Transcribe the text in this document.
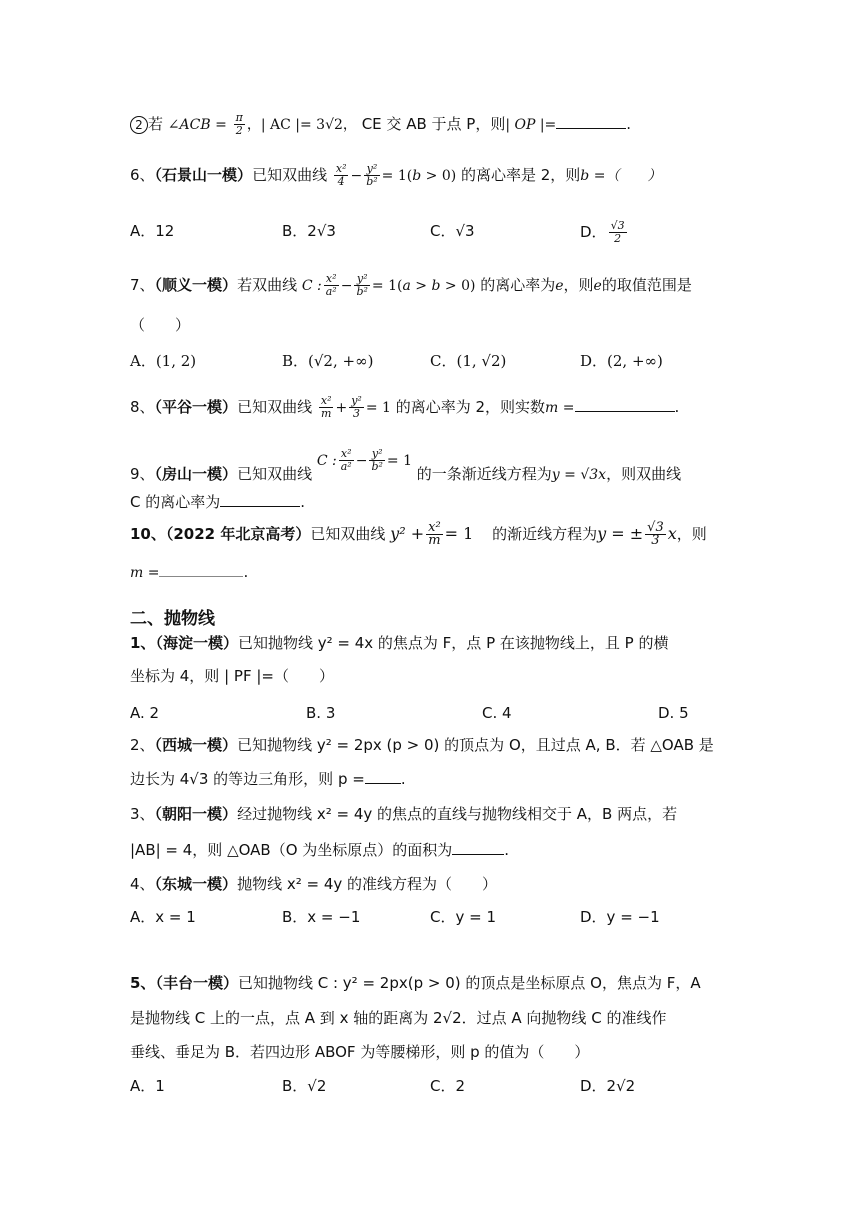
2 若 ∠ACB = $\frac{\pi}{2}$ ，| AC |= 3√2， CE 交 AB 于点 P，则| OP |=	.
6、（石景山一模）已知双曲线 $\frac{\text{x²}}{4} - \frac{\text{y²}}{\text{b²}} = 1(b > 0)$ 的离心率是 2，则b =（　　）
A．12	B．2√3	C．√3	D． $\frac{√3}{2}$
7、（顺义一模）若双曲线 C : $\frac{\text{x²}}{\text{a²}} - \frac{\text{y²}}{\text{b²}} = 1(a > b > 0)$ 的离心率为e，则e的取值范围是
（　　）
A．(1, 2)	B．(√2, +∞)	C．(1, √2)	D．(2, +∞)
8、（平谷一模）已知双曲线 $\frac{\text{x²}}{m} + \frac{\text{y²}}{3} = 1$ 的离心率为 2，则实数m =	.
9、（房山一模）已知双曲线 C : $\frac{\text{x²}}{\text{a²}} - \frac{\text{y²}}{\text{b²}} = 1$ 的一条渐近线方程为y = √3x，则双曲线
C 的离心率为	.
10、（2022 年北京高考）已知双曲线 $y^2 + \frac{\text{x²}}{m} = 1$ 的渐近线方程为y = ± $\frac{√3}{3}$ x，则
m =	.
二、抛物线
1、（海淀一模）已知抛物线 y² = 4x 的焦点为 F，点 P 在该抛物线上，且 P 的横
坐标为 4，则 | PF |=（　　）
A. 2	B. 3	C. 4	D. 5
2、（西城一模）已知抛物线 y² = 2px (p > 0) 的顶点为 O，且过点 A, B．若 △OAB 是
边长为 4√3 的等边三角形，则 p = .
3、（朝阳一模）经过抛物线 x² = 4y 的焦点的直线与抛物线相交于 A，B 两点，若
|AB| = 4，则 △OAB（O 为坐标原点）的面积为	.
4、（东城一模）抛物线 x² = 4y 的准线方程为（　　）
A．x = 1	B．x = −1	C．y = 1	D．y = −1
5、（丰台一模）已知抛物线 C : y² = 2px(p > 0) 的顶点是坐标原点 O，焦点为 F，A
是抛物线 C 上的一点，点 A 到 x 轴的距离为 2√2．过点 A 向抛物线 C 的准线作
垂线、垂足为 B．若四边形 ABOF 为等腰梯形，则 p 的值为（　　）
A．1	B．√2	C．2	D．2√2
